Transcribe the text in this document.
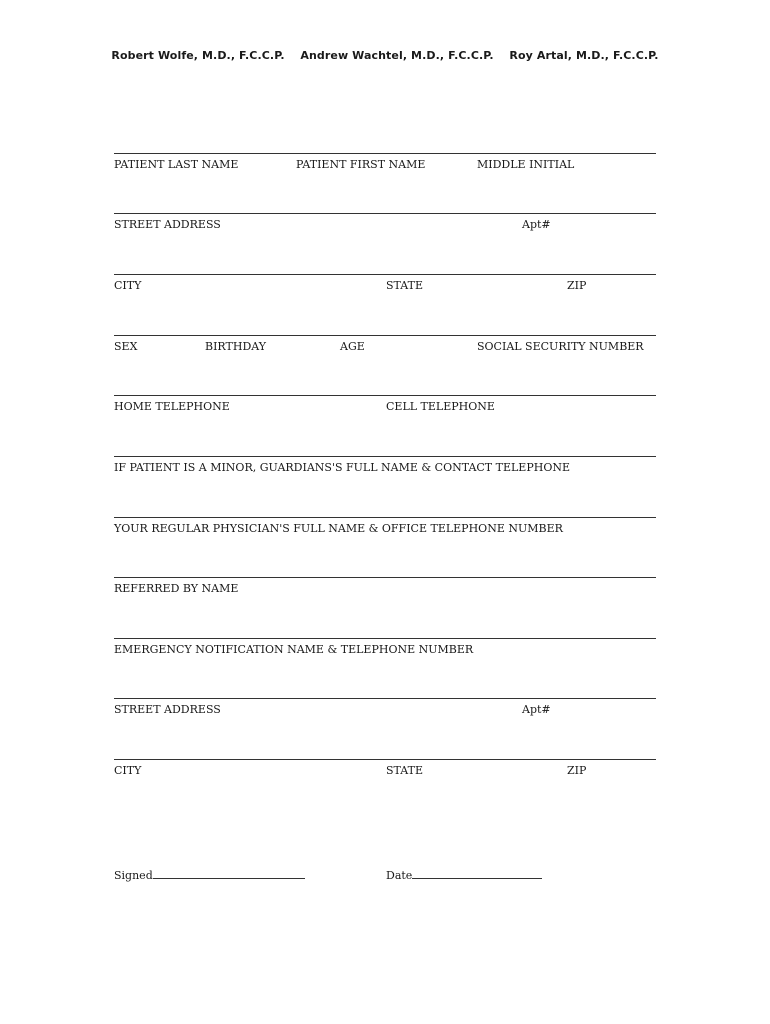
Robert Wolfe, M.D., F.C.C.P.    Andrew Wachtel, M.D., F.C.C.P.    Roy Artal, M.D., F.C.C.P.
PATIENT LAST NAME	PATIENT FIRST NAME	MIDDLE INITIAL
STREET ADDRESS	Apt#
CITY	STATE	ZIP
SEX	BIRTHDAY	AGE	SOCIAL SECURITY NUMBER
HOME TELEPHONE	CELL TELEPHONE
IF PATIENT IS A MINOR, GUARDIANS'S FULL NAME & CONTACT TELEPHONE
YOUR REGULAR PHYSICIAN'S FULL NAME & OFFICE TELEPHONE NUMBER
REFERRED BY NAME
EMERGENCY NOTIFICATION NAME & TELEPHONE NUMBER
STREET ADDRESS	Apt#
CITY	STATE	ZIP
Signed	Date
